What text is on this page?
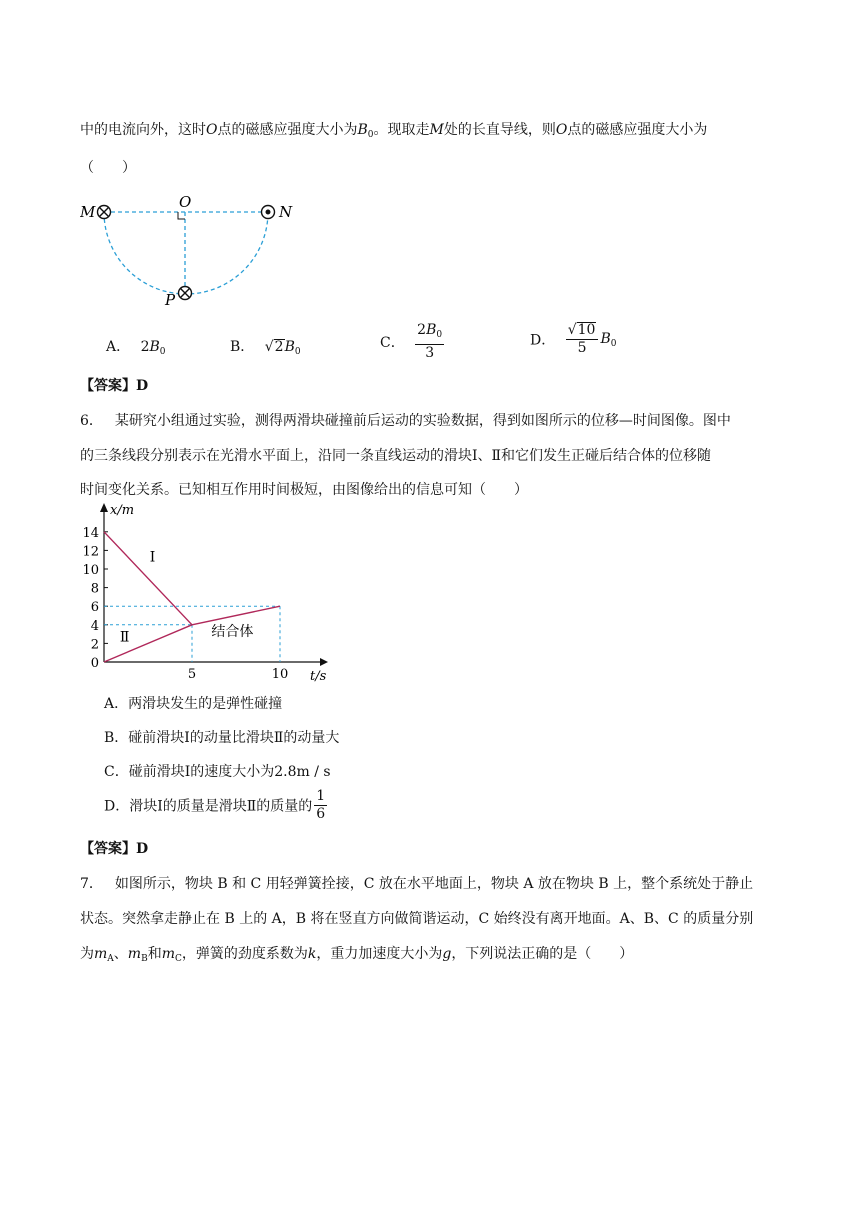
中的电流向外，这时O点的磁感应强度大小为$B_0$。现取走M处的长直导线，则O点的磁感应强度大小为
（　　）
M
O
N
P
A． $2B_0$	B． $√2B_0$
C． $\frac{2B_0}{3}$	D． $\frac{√10}{5} B_0$
【答案】D
6． 某研究小组通过实验，测得两滑块碰撞前后运动的实验数据，得到如图所示的位移—时间图像。图中
的三条线段分别表示在光滑水平面上，沿同一条直线运动的滑块Ⅰ、Ⅱ和它们发生正碰后结合体的位移随
时间变化关系。已知相互作用时间极短，由图像给出的信息可知（　　）
0
2
4
6
8
10
12
14
5	10
x/m
t/s
Ⅰ
Ⅱ	结合体
A．两滑块发生的是弹性碰撞
B．碰前滑块Ⅰ的动量比滑块Ⅱ的动量大
C．碰前滑块Ⅰ的速度大小为2.8m / s
D．滑块Ⅰ的质量是滑块Ⅱ的质量的 $\frac{1}{6}$
【答案】D
7． 如图所示，物块 B 和 C 用轻弹簧拴接，C 放在水平地面上，物块 A 放在物块 B 上，整个系统处于静止
状态。突然拿走静止在 B 上的 A，B 将在竖直方向做简谐运动，C 始终没有离开地面。A、B、C 的质量分别
为$m_A$、$m_B$和$m_C$，弹簧的劲度系数为k，重力加速度大小为g，下列说法正确的是（　　）
